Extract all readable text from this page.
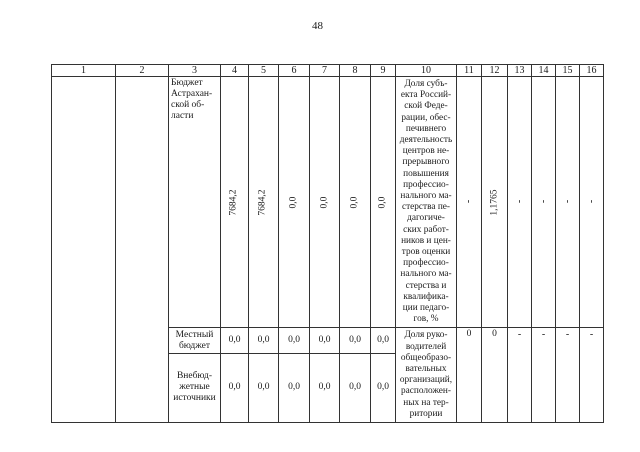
48
1	2	3	4	5	6	7	8	9	10	11	12	13	14	15	16
		Бюджет Астрахан- ской об- ласти	7684,2	7684,2	0,0	0,0	0,0	0,0	Доля субъ- екта Россий- ской Феде- рации, обес- печивнего деятельность центров не- прерывного повышения профессио- нального ма- стерства пе- дагогиче- ских работ- ников и цен- тров оценки профессио- нального ма- стерства и квалифика- ции педаго- гов, %	-	1,1765	-	-	-	-
		Местный бюджет	0,0	0,0	0,0	0,0	0,0	0,0	Доля руко- водителей общеобразо- вательных организаций, расположен- ных на тер- ритории	0	0	-	-	-	-
		Внебюд- жетные источники	0,0	0,0	0,0	0,0	0,0	0,0							
